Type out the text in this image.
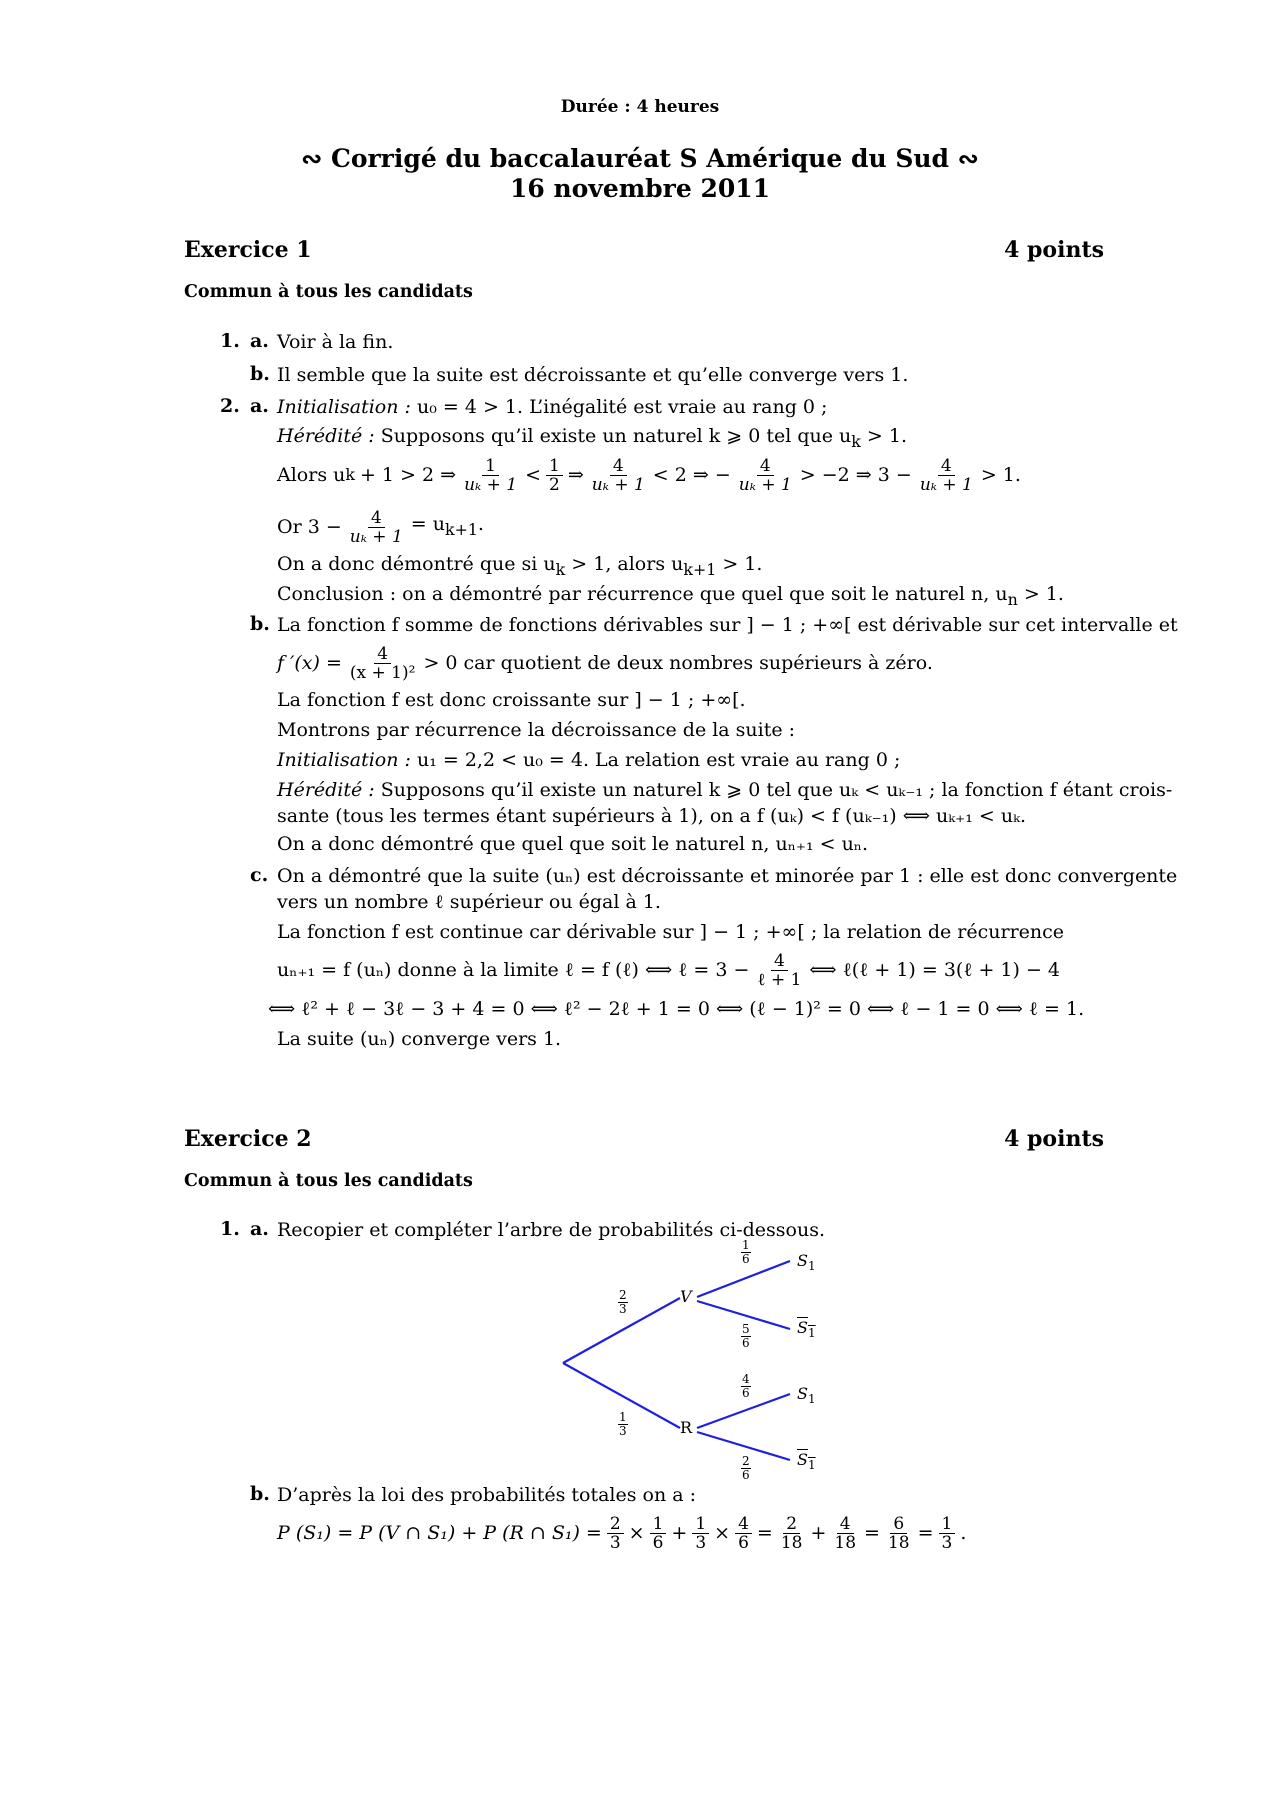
Durée : 4 heures
∾ Corrigé du baccalauréat S Amérique du Sud ∾
16 novembre 2011
Exercice 1	4 points
Commun à tous les candidats
1. a. Voir à la fin.
b. Il semble que la suite est décroissante et qu’elle converge vers 1.
2. a. Initialisation : u₀ = 4 > 1. L’inégalité est vraie au rang 0 ;
Hérédité : Supposons qu’il existe un naturel k ⩾ 0 tel que $u_k > 1$.
Alors u k + 1 > 2 ⇒ $\frac{1}{\text{uₖ + 1}} < \frac{1}{2}$ ⇒ $\frac{4}{\text{uₖ + 1}} < 2$ ⇒ − $\frac{4}{\text{uₖ + 1}} > -2$ ⇒ $3 - \frac{4}{\text{uₖ + 1}} > 1$.
Or $3 - \frac{4}{\text{uₖ + 1}} = u_{k+1}$.
On a donc démontré que si $u_k > 1$, alors $u_{k+1} > 1$.
Conclusion : on a démontré par récurrence que quel que soit le naturel n, $u_n > 1$.
b. La fonction f somme de fonctions dérivables sur ] − 1 ; +∞[ est dérivable sur cet intervalle et
f $'(x) = \frac{4}{\text{(x + 1)²}} > 0$ car quotient de deux nombres supérieurs à zéro.
La fonction f est donc croissante sur ] − 1 ; +∞[.
Montrons par récurrence la décroissance de la suite :
Initialisation : u₁ = 2,2 < u₀ = 4. La relation est vraie au rang 0 ;
Hérédité : Supposons qu’il existe un naturel k ⩾ 0 tel que uₖ < uₖ₋₁ ; la fonction f étant crois-
sante (tous les termes étant supérieurs à 1), on a f (uₖ) < f (uₖ₋₁) ⟺ uₖ₊₁ < uₖ.
On a donc démontré que quel que soit le naturel n, uₙ₊₁ < uₙ.
c. On a démontré que la suite (uₙ) est décroissante et minorée par 1 : elle est donc convergente
vers un nombre ℓ supérieur ou égal à 1.
La fonction f est continue car dérivable sur ] − 1 ; +∞[ ; la relation de récurrence
uₙ₊₁ = f (uₙ) donne à la limite ℓ = f (ℓ) ⟺ ℓ = $3 - \frac{4}{\text{ℓ + 1}}$ ⟺ ℓ(ℓ + 1) = 3(ℓ + 1) − 4
⟺ ℓ² + ℓ − 3ℓ − 3 + 4 = 0 ⟺ ℓ² − 2ℓ + 1 = 0 ⟺ (ℓ − 1)² = 0 ⟺ ℓ − 1 = 0 ⟺ ℓ = 1.
La suite (uₙ) converge vers 1.
Exercice 2	4 points
Commun à tous les candidats
1. a. Recopier et compléter l’arbre de probabilités ci-dessous.
V
R
$S_1$
$S_1$
$S_1$
$S_1$
$\frac{2}{3}$
$\frac{1}{3}$
$\frac{1}{6}$
$\frac{5}{6}$
$\frac{4}{6}$
$\frac{2}{6}$
b. D’après la loi des probabilités totales on a :
P (S₁) = P (V ∩ S₁) + P (R ∩ $S_1) = \frac{2}{3} \times \frac{1}{6} + \frac{1}{3} \times \frac{4}{6} = \frac{2}{18} + \frac{4}{18} = \frac{6}{18} = \frac{1}{3}$ .
